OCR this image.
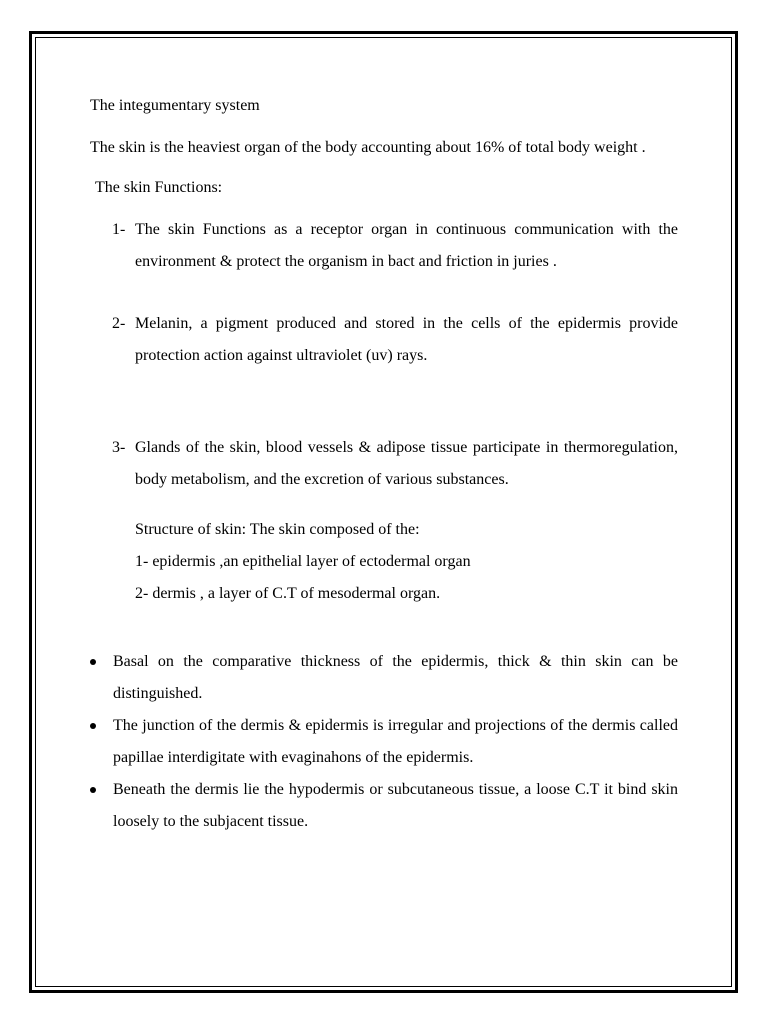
The integumentary system

The skin is the heaviest organ of the body accounting about 16% of total body weight .

The skin Functions:

1- The skin Functions as a receptor organ in continuous communication with the environment & protect the organism in bact and friction in juries .
2- Melanin, a pigment produced and stored in the cells of the epidermis provide protection action against ultraviolet (uv) rays.
3- Glands of the skin, blood vessels & adipose tissue participate in thermoregulation, body metabolism, and the excretion of various substances.
Structure of skin: The skin composed of the:
1- epidermis ,an epithelial layer of ectodermal organ
2- dermis , a layer of C.T of mesodermal organ.
Basal on the comparative thickness of the epidermis, thick & thin skin can be distinguished.
The junction of the dermis & epidermis is irregular and projections of the dermis called papillae interdigitate with evaginahons of the epidermis.
Beneath the dermis lie the hypodermis or subcutaneous tissue, a loose C.T it bind skin loosely to the subjacent tissue.
